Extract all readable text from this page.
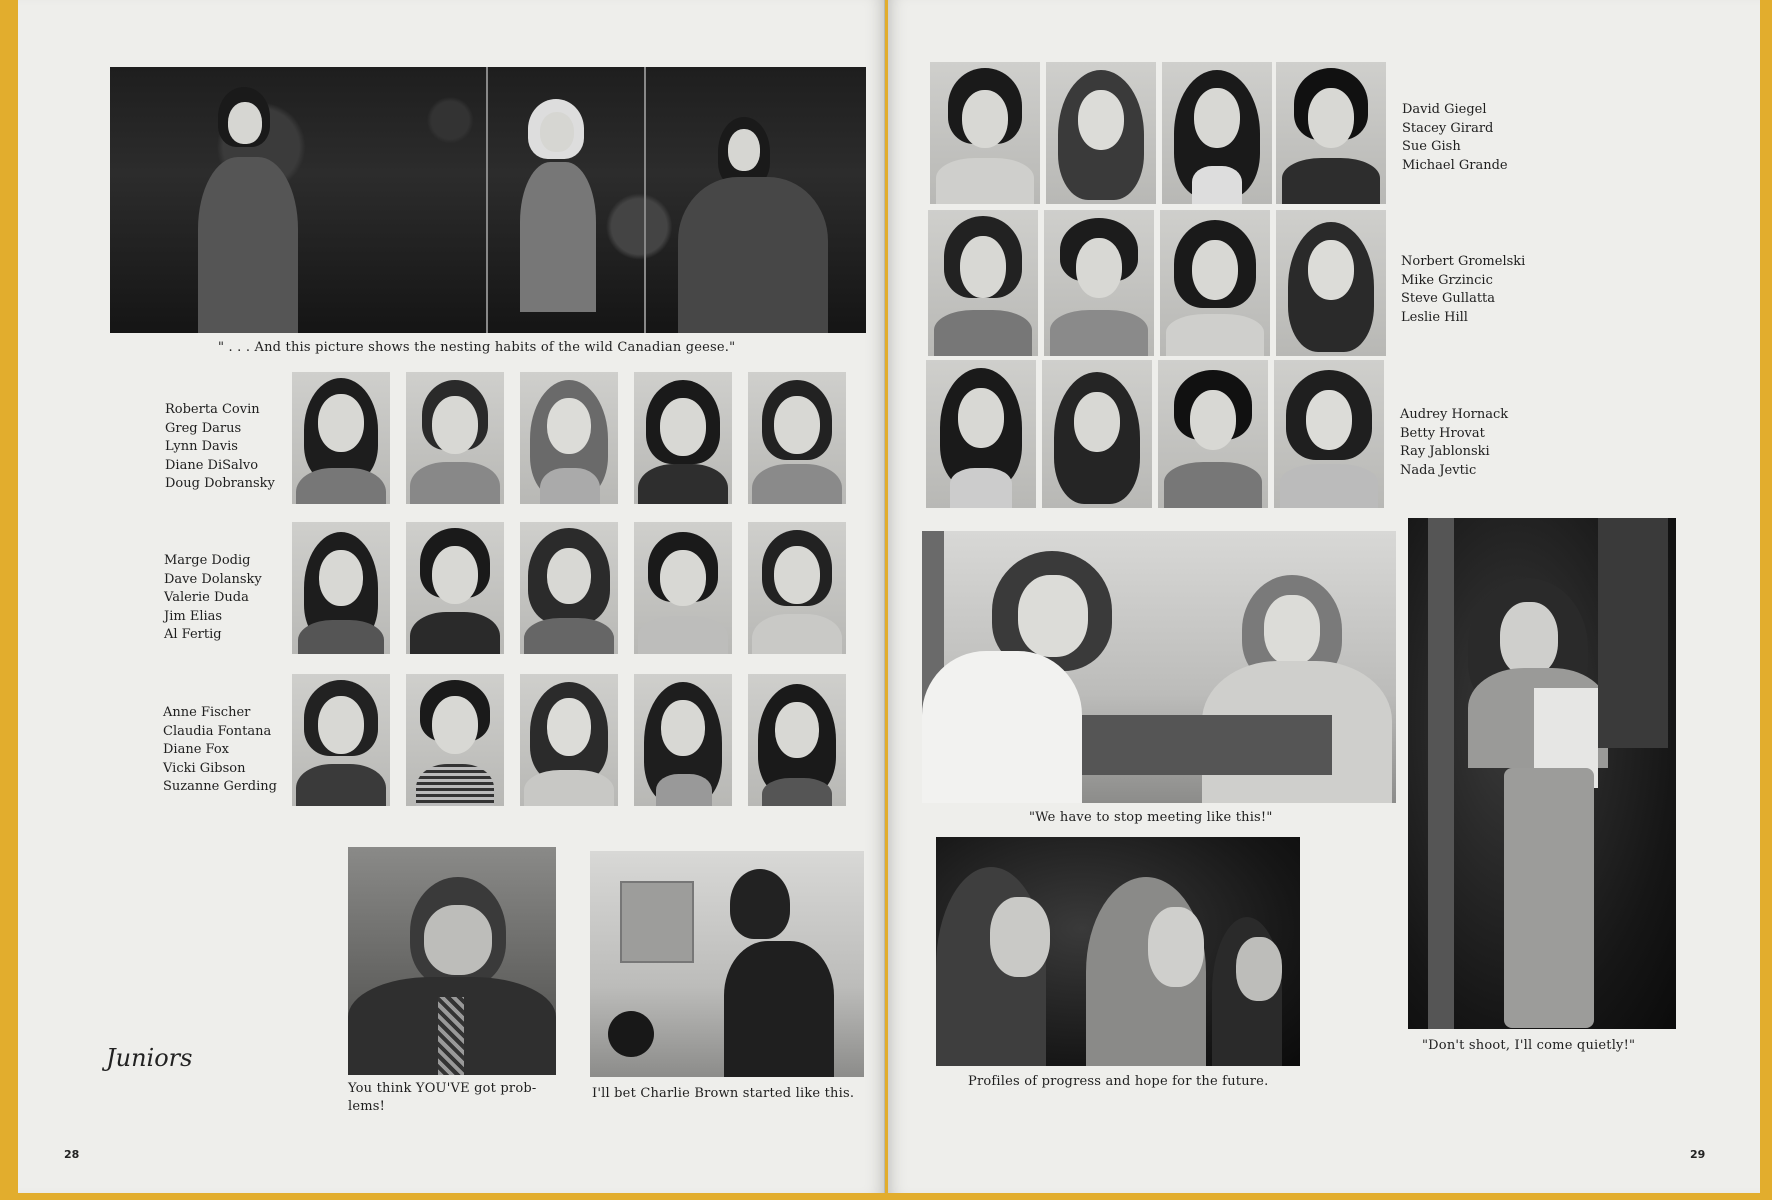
" . . . And this picture shows the nesting habits of the wild Canadian geese."
Roberta Covin
Greg Darus
Lynn Davis
Diane DiSalvo
Doug Dobransky
Marge Dodig
Dave Dolansky
Valerie Duda
Jim Elias
Al Fertig
Anne Fischer
Claudia Fontana
Diane Fox
Vicki Gibson
Suzanne Gerding
You think YOU'VE got prob-
lems!
I'll bet Charlie Brown started like this.
Juniors
28
David Giegel
Stacey Girard
Sue Gish
Michael Grande
Norbert Gromelski
Mike Grzincic
Steve Gullatta
Leslie Hill
Audrey Hornack
Betty Hrovat
Ray Jablonski
Nada Jevtic
"We have to stop meeting like this!"
"Don't shoot, I'll come quietly!"
Profiles of progress and hope for the future.
29
